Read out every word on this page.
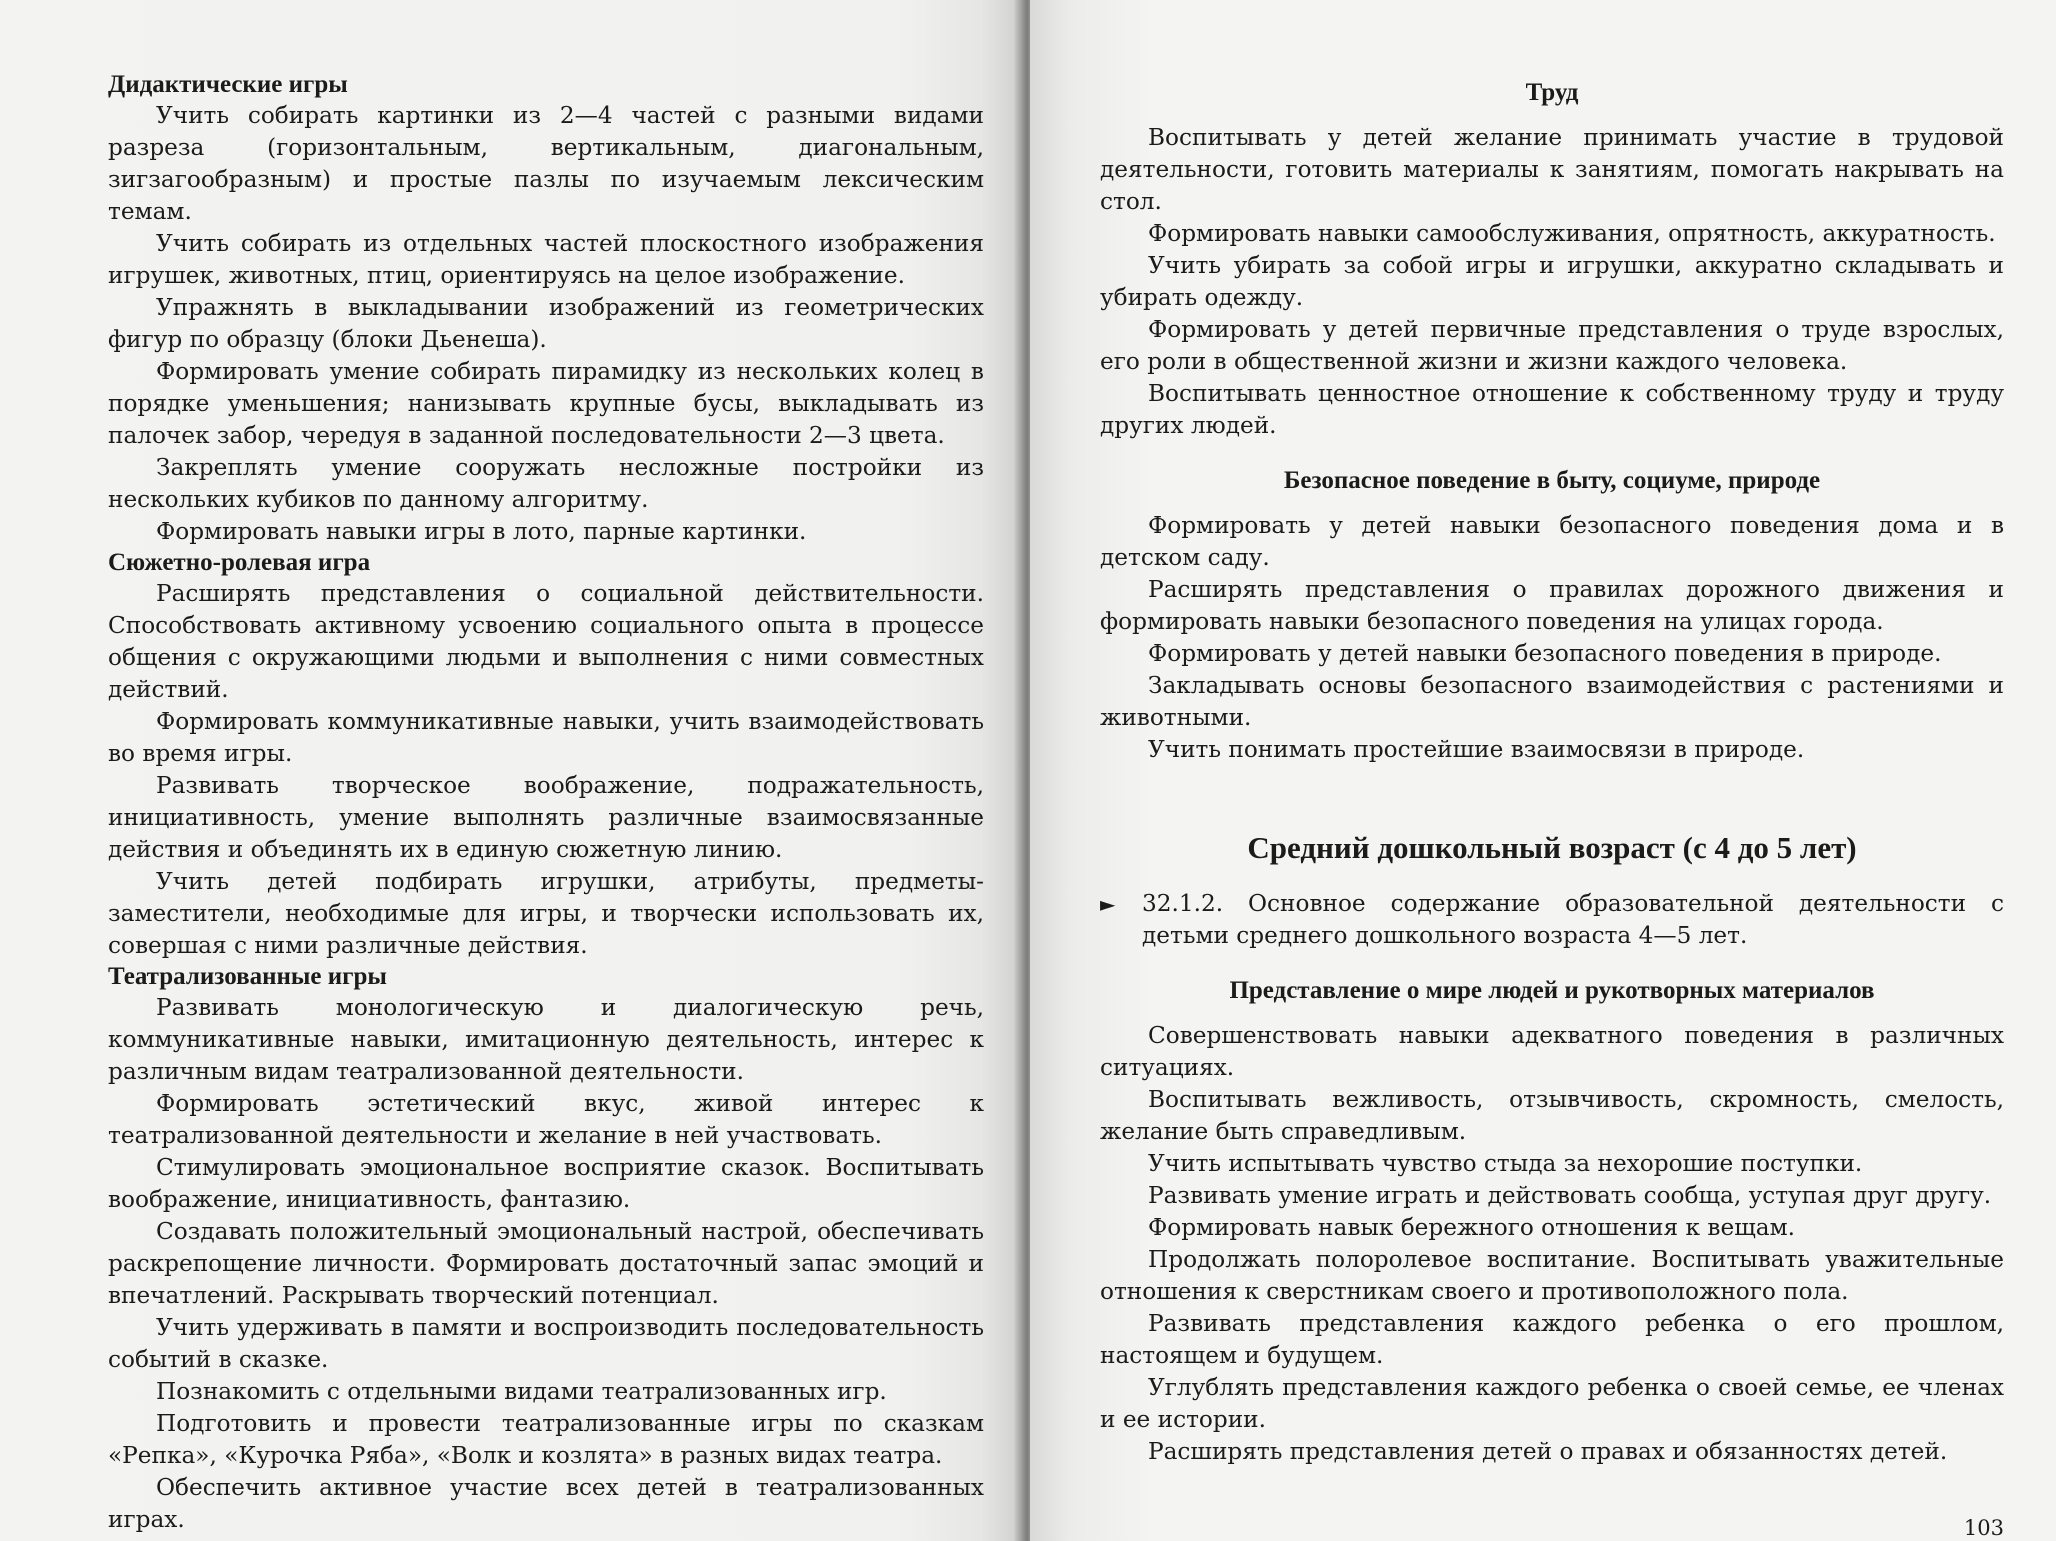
Дидактические игры

Учить собирать картинки из 2—4 частей с разными видами разреза (горизонтальным, вертикальным, диагональным, зигзагообразным) и простые пазлы по изучаемым лексическим темам.

Учить собирать из отдельных частей плоскостного изображения игрушек, животных, птиц, ориентируясь на целое изображение.

Упражнять в выкладывании изображений из геометрических фигур по образцу (блоки Дьенеша).

Формировать умение собирать пирамидку из нескольких колец в порядке уменьшения; нанизывать крупные бусы, выкладывать из палочек забор, чередуя в заданной последовательности 2—3 цвета.

Закреплять умение сооружать несложные постройки из нескольких кубиков по данному алгоритму.

Формировать навыки игры в лото, парные картинки.

Сюжетно-ролевая игра

Расширять представления о социальной действительности. Способствовать активному усвоению социального опыта в процессе общения с окружающими людьми и выполнения с ними совместных действий.

Формировать коммуникативные навыки, учить взаимодействовать во время игры.

Развивать творческое воображение, подражательность, инициативность, умение выполнять различные взаимосвязанные действия и объединять их в единую сюжетную линию.

Учить детей подбирать игрушки, атрибуты, предметы-заместители, необходимые для игры, и творчески использовать их, совершая с ними различные действия.

Театрализованные игры

Развивать монологическую и диалогическую речь, коммуникативные навыки, имитационную деятельность, интерес к различным видам театрализованной деятельности.

Формировать эстетический вкус, живой интерес к театрализованной деятельности и желание в ней участвовать.

Стимулировать эмоциональное восприятие сказок. Воспитывать воображение, инициативность, фантазию.

Создавать положительный эмоциональный настрой, обеспечивать раскрепощение личности. Формировать достаточный запас эмоций и впечатлений. Раскрывать творческий потенциал.

Учить удерживать в памяти и воспроизводить последовательность событий в сказке.

Познакомить с отдельными видами театрализованных игр.

Подготовить и провести театрализованные игры по сказкам «Репка», «Курочка Ряба», «Волк и козлята» в разных видах театра.

Обеспечить активное участие всех детей в театрализованных играх.

Труд

Воспитывать у детей желание принимать участие в трудовой деятельности, готовить материалы к занятиям, помогать накрывать на стол.

Формировать навыки самообслуживания, опрятность, аккуратность.

Учить убирать за собой игры и игрушки, аккуратно складывать и убирать одежду.

Формировать у детей первичные представления о труде взрослых, его роли в общественной жизни и жизни каждого человека.

Воспитывать ценностное отношение к собственному труду и труду других людей.

Безопасное поведение в быту, социуме, природе

Формировать у детей навыки безопасного поведения дома и в детском саду.

Расширять представления о правилах дорожного движения и формировать навыки безопасного поведения на улицах города.

Формировать у детей навыки безопасного поведения в природе.

Закладывать основы безопасного взаимодействия с растениями и животными.

Учить понимать простейшие взаимосвязи в природе.

Средний дошкольный возраст (с 4 до 5 лет)
►	32.1.2. Основное содержание образовательной деятельности с детьми среднего дошкольного возраста 4—5 лет.
Представление о мире людей и рукотворных материалов

Совершенствовать навыки адекватного поведения в различных ситуациях.

Воспитывать вежливость, отзывчивость, скромность, смелость, желание быть справедливым.

Учить испытывать чувство стыда за нехорошие поступки.

Развивать умение играть и действовать сообща, уступая друг другу.

Формировать навык бережного отношения к вещам.

Продолжать полоролевое воспитание. Воспитывать уважительные отношения к сверстникам своего и противоположного пола.

Развивать представления каждого ребенка о его прошлом, настоящем и будущем.

Углублять представления каждого ребенка о своей семье, ее членах и ее истории.

Расширять представления детей о правах и обязанностях детей.

103
